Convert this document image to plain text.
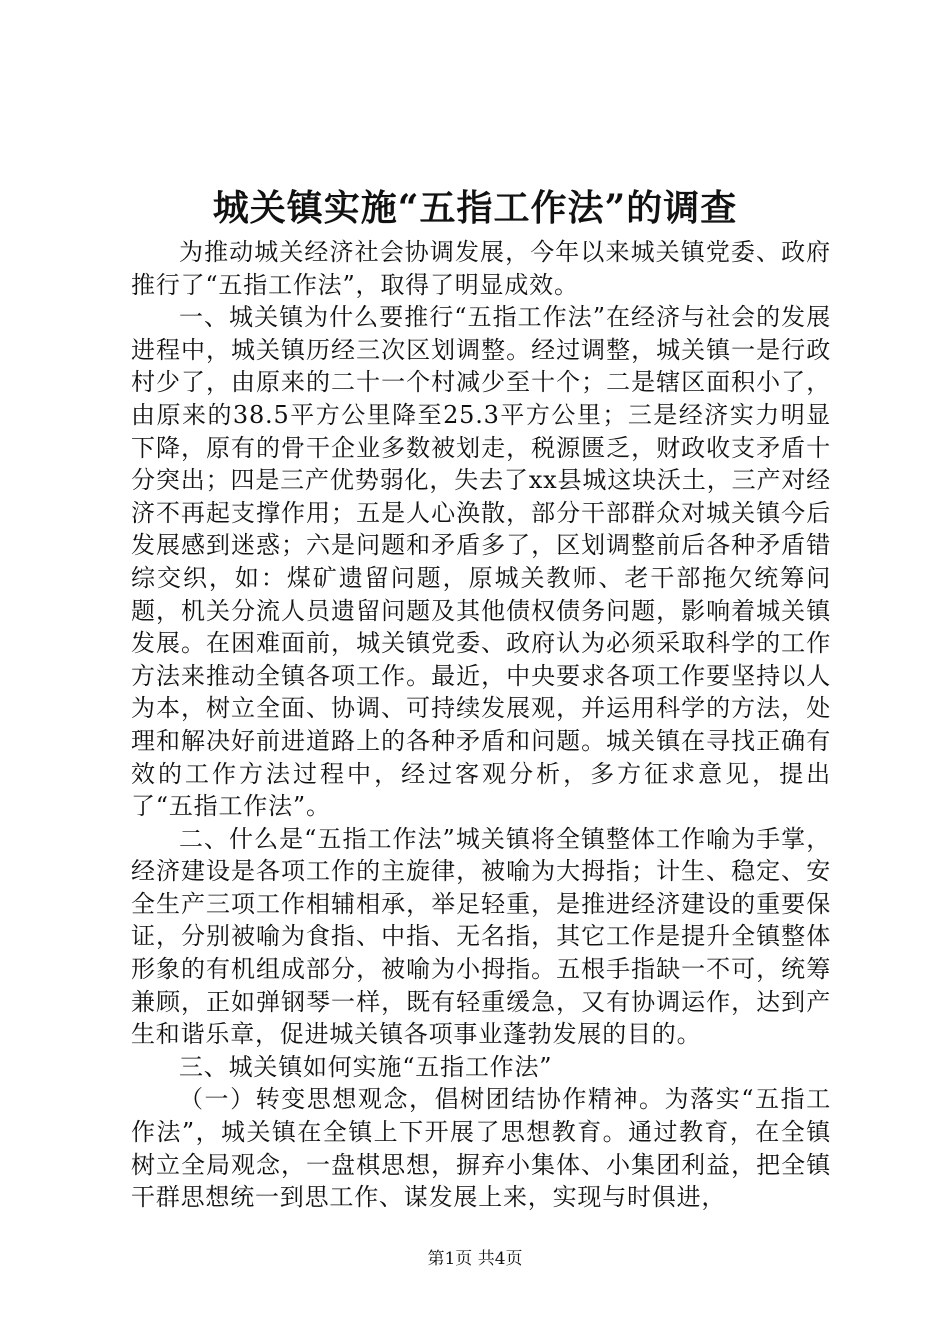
城关镇实施“五指工作法”的调查

为推动城关经济社会协调发展，今年以来城关镇党委、政府推行了“五指工作法”，取得了明显成效。

一、城关镇为什么要推行“五指工作法”在经济与社会的发展进程中，城关镇历经三次区划调整。经过调整，城关镇一是行政村少了，由原来的二十一个村减少至十个；二是辖区面积小了，由原来的38.5平方公里降至25.3平方公里；三是经济实力明显下降，原有的骨干企业多数被划走，税源匮乏，财政收支矛盾十分突出；四是三产优势弱化，失去了xx县城这块沃土，三产对经济不再起支撑作用；五是人心涣散，部分干部群众对城关镇今后发展感到迷惑；六是问题和矛盾多了，区划调整前后各种矛盾错综交织，如：煤矿遗留问题，原城关教师、老干部拖欠统筹问题，机关分流人员遗留问题及其他债权债务问题，影响着城关镇发展。在困难面前，城关镇党委、政府认为必须采取科学的工作方法来推动全镇各项工作。最近，中央要求各项工作要坚持以人为本，树立全面、协调、可持续发展观，并运用科学的方法，处理和解决好前进道路上的各种矛盾和问题。城关镇在寻找正确有效的工作方法过程中，经过客观分析，多方征求意见，提出了“五指工作法”。

二、什么是“五指工作法”城关镇将全镇整体工作喻为手掌，经济建设是各项工作的主旋律，被喻为大拇指；计生、稳定、安全生产三项工作相辅相承，举足轻重，是推进经济建设的重要保证，分别被喻为食指、中指、无名指，其它工作是提升全镇整体形象的有机组成部分，被喻为小拇指。五根手指缺一不可，统筹兼顾，正如弹钢琴一样，既有轻重缓急，又有协调运作，达到产生和谐乐章，促进城关镇各项事业蓬勃发展的目的。

三、城关镇如何实施“五指工作法”

（一）转变思想观念，倡树团结协作精神。为落实“五指工作法”，城关镇在全镇上下开展了思想教育。通过教育，在全镇树立全局观念，一盘棋思想，摒弃小集体、小集团利益，把全镇干群思想统一到思工作、谋发展上来，实现与时俱进，

第1页 共4页
